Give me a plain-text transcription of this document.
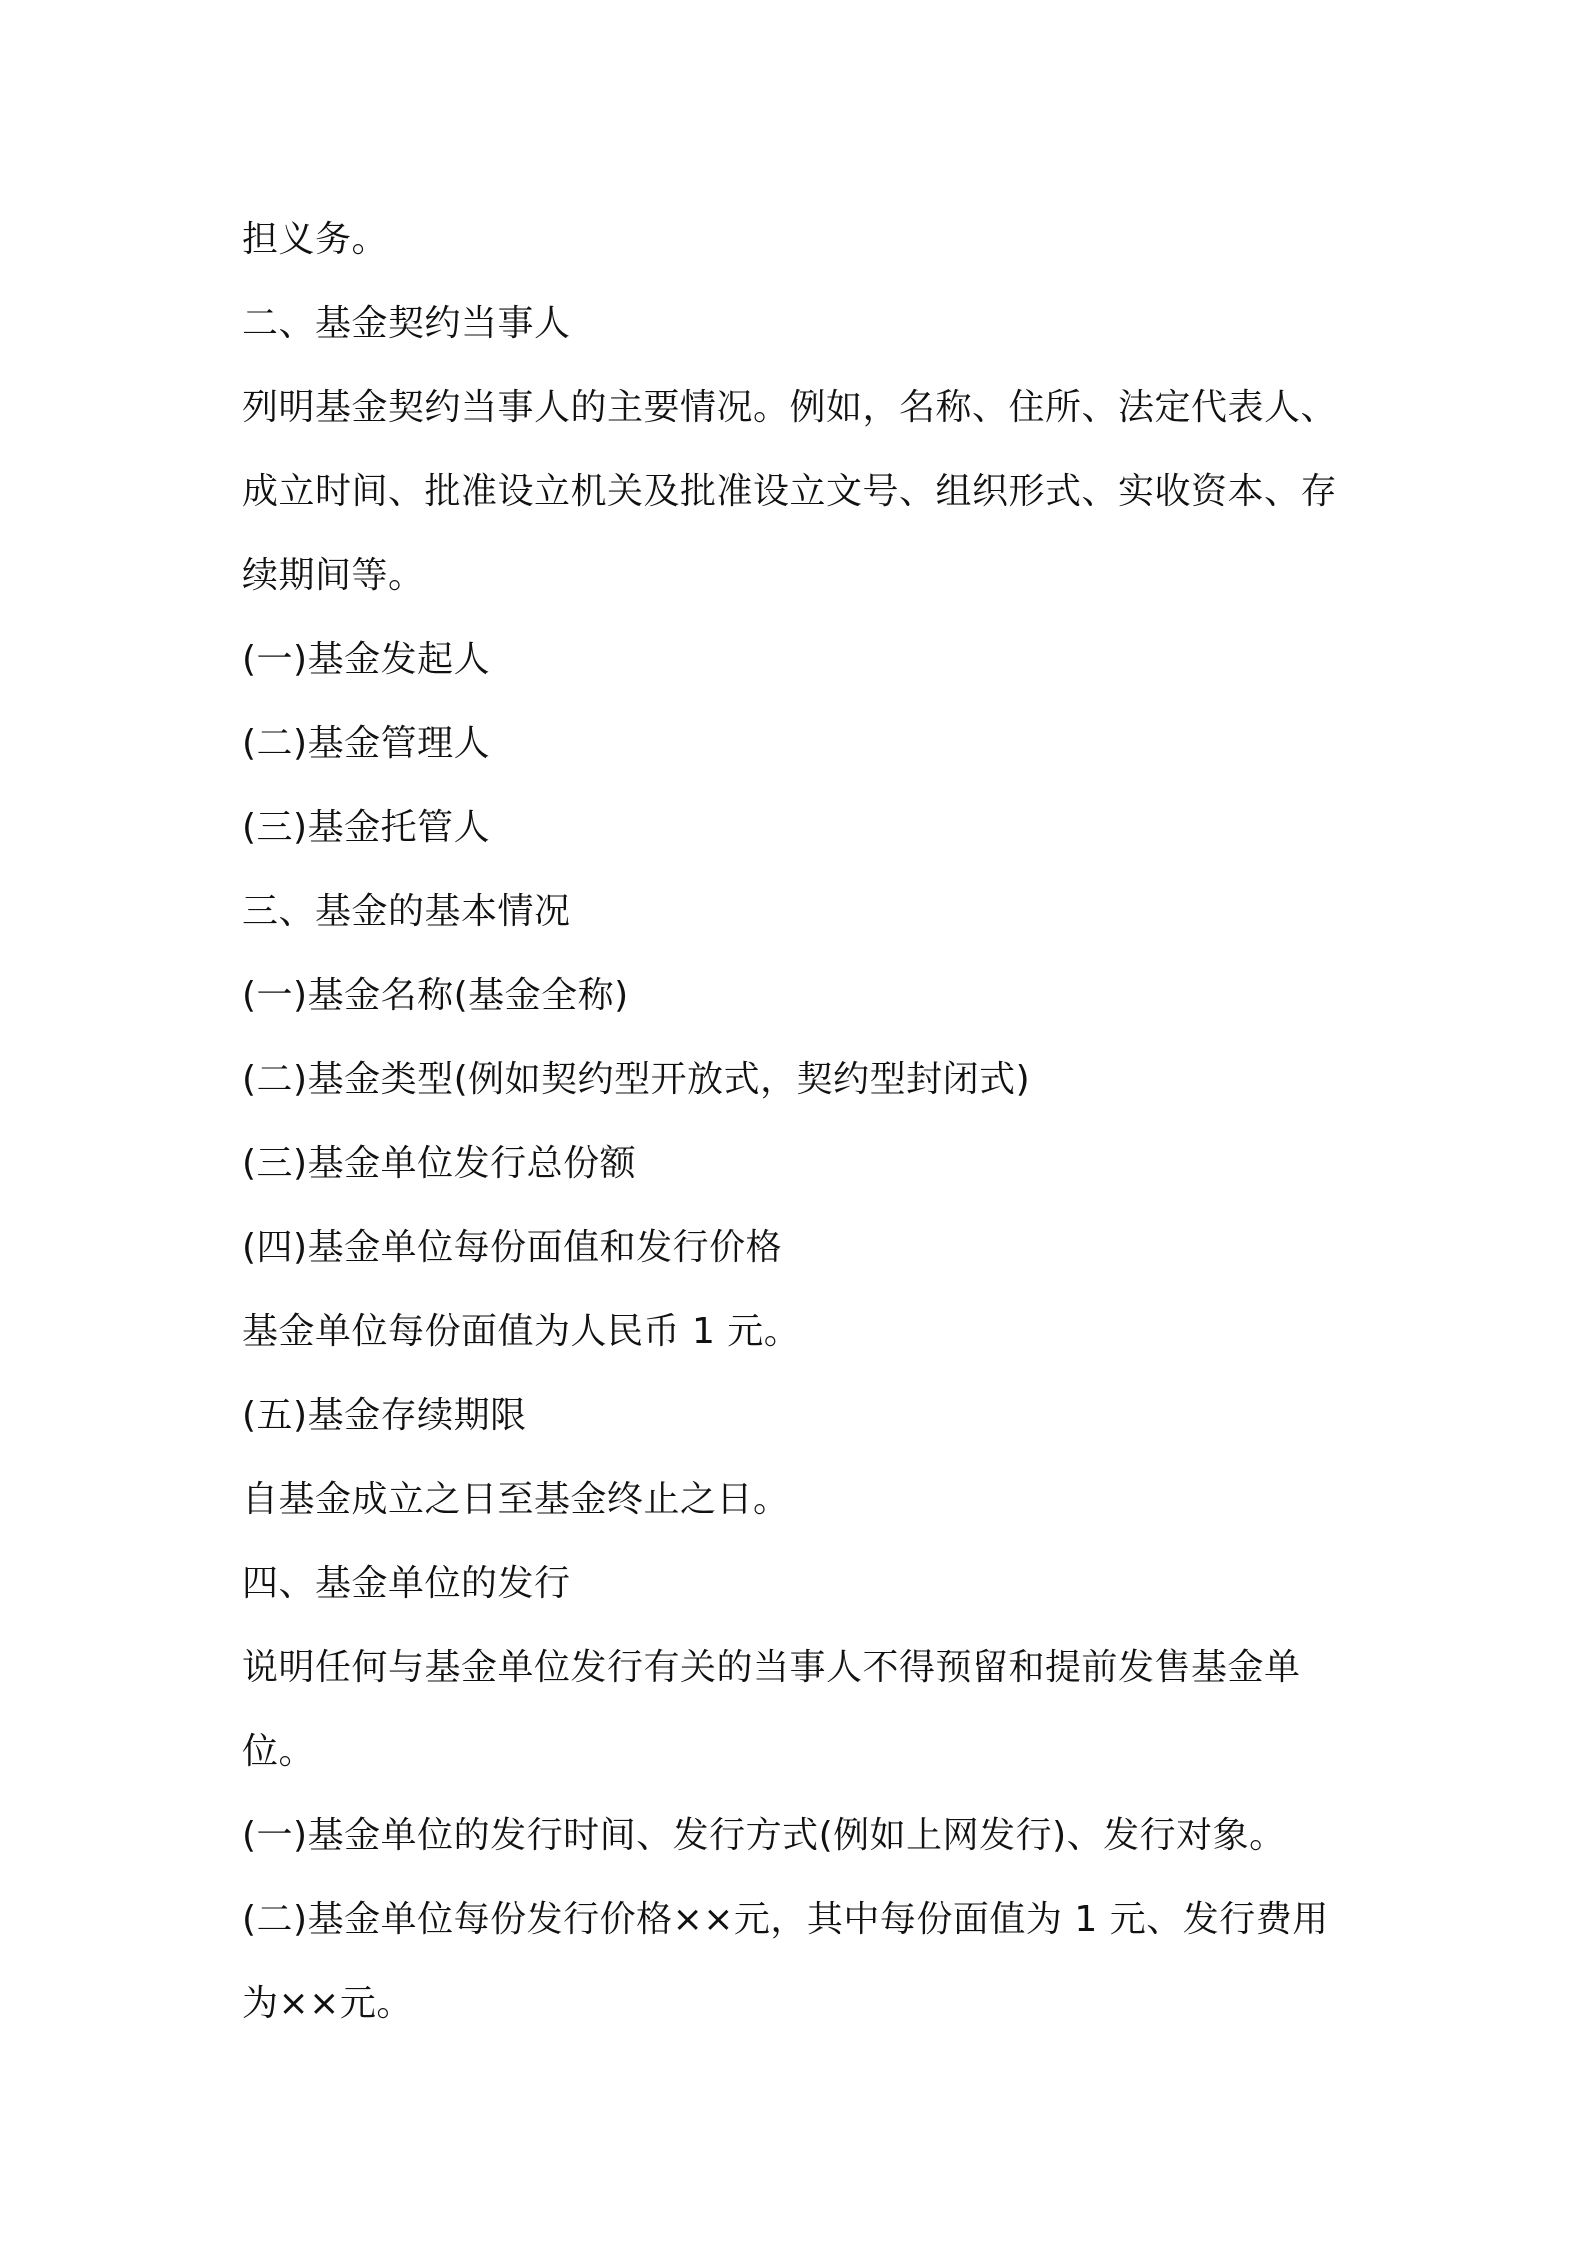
担义务。
二、基金契约当事人
列明基金契约当事人的主要情况。例如，名称、住所、法定代表人、
成立时间、批准设立机关及批准设立文号、组织形式、实收资本、存
续期间等。
(一)基金发起人
(二)基金管理人
(三)基金托管人
三、基金的基本情况
(一)基金名称(基金全称)
(二)基金类型(例如契约型开放式，契约型封闭式)
(三)基金单位发行总份额
(四)基金单位每份面值和发行价格
基金单位每份面值为人民币 1 元。
(五)基金存续期限
自基金成立之日至基金终止之日。
四、基金单位的发行
说明任何与基金单位发行有关的当事人不得预留和提前发售基金单
位。
(一)基金单位的发行时间、发行方式(例如上网发行)、发行对象。
(二)基金单位每份发行价格××元，其中每份面值为 1 元、发行费用
为××元。
